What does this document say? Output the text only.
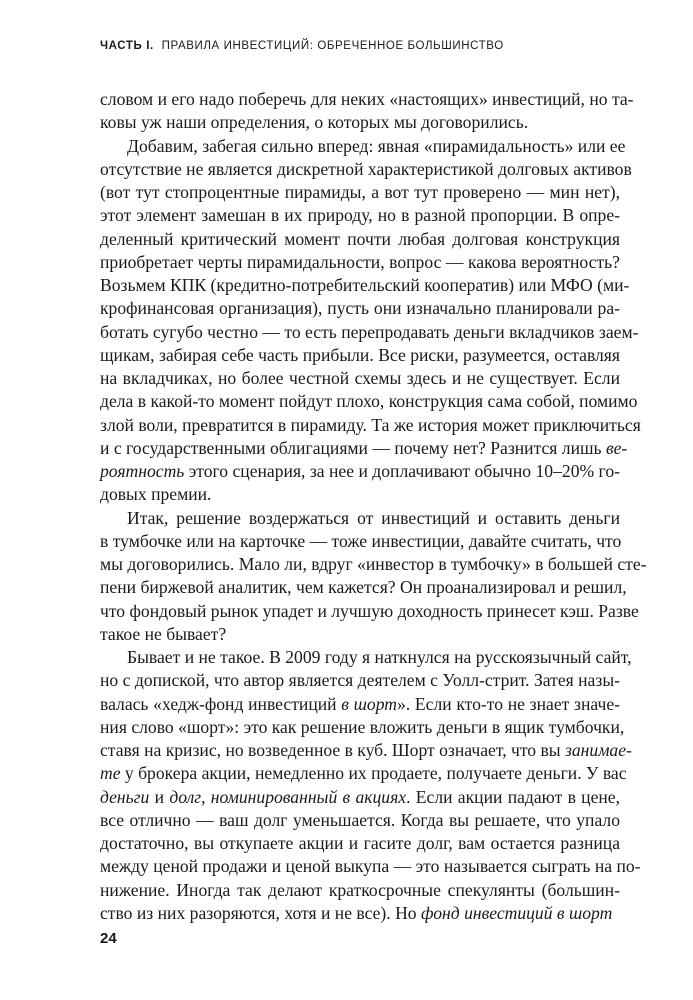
ЧАСТЬ I. ПРАВИЛА ИНВЕСТИЦИЙ: ОБРЕЧЕННОЕ БОЛЬШИНСТВО
словом и его надо поберечь для неких «настоящих» инвестиций, но та-
ковы уж наши определения, о которых мы договорились.
Добавим, забегая сильно вперед: явная «пирамидальность» или ее
отсутствие не является дискретной характеристикой долговых активов
(вот тут стопроцентные пирамиды, а вот тут проверено — мин нет),
этот элемент замешан в их природу, но в разной пропорции. В опре-
деленный критический момент почти любая долговая конструкция
приобретает черты пирамидальности, вопрос — какова вероятность?
Возьмем КПК (кредитно-потребительский кооператив) или МФО (ми-
крофинансовая организация), пусть они изначально планировали ра-
ботать сугубо честно — то есть перепродавать деньги вкладчиков заем-
щикам, забирая себе часть прибыли. Все риски, разумеется, оставляя
на вкладчиках, но более честной схемы здесь и не существует. Если
дела в какой-то момент пойдут плохо, конструкция сама собой, помимо
злой воли, превратится в пирамиду. Та же история может приключиться
и с государственными облигациями — почему нет? Разнится лишь ве-
роятность этого сценария, за нее и доплачивают обычно 10–20% го-
довых премии.
Итак, решение воздержаться от инвестиций и оставить деньги
в тумбочке или на карточке — тоже инвестиции, давайте считать, что
мы договорились. Мало ли, вдруг «инвестор в тумбочку» в большей сте-
пени биржевой аналитик, чем кажется? Он проанализировал и решил,
что фондовый рынок упадет и лучшую доходность принесет кэш. Разве
такое не бывает?
Бывает и не такое. В 2009 году я наткнулся на русскоязычный сайт,
но с допиской, что автор является деятелем с Уолл-стрит. Затея назы-
валась «хедж-фонд инвестиций в шорт». Если кто-то не знает значе-
ния слово «шорт»: это как решение вложить деньги в ящик тумбочки,
ставя на кризис, но возведенное в куб. Шорт означает, что вы занимае-
те у брокера акции, немедленно их продаете, получаете деньги. У вас
деньги и долг, номинированный в акциях. Если акции падают в цене,
все отлично — ваш долг уменьшается. Когда вы решаете, что упало
достаточно, вы откупаете акции и гасите долг, вам остается разница
между ценой продажи и ценой выкупа — это называется сыграть на по-
нижение. Иногда так делают краткосрочные спекулянты (большин-
ство из них разоряются, хотя и не все). Но фонд инвестиций в шорт
24
